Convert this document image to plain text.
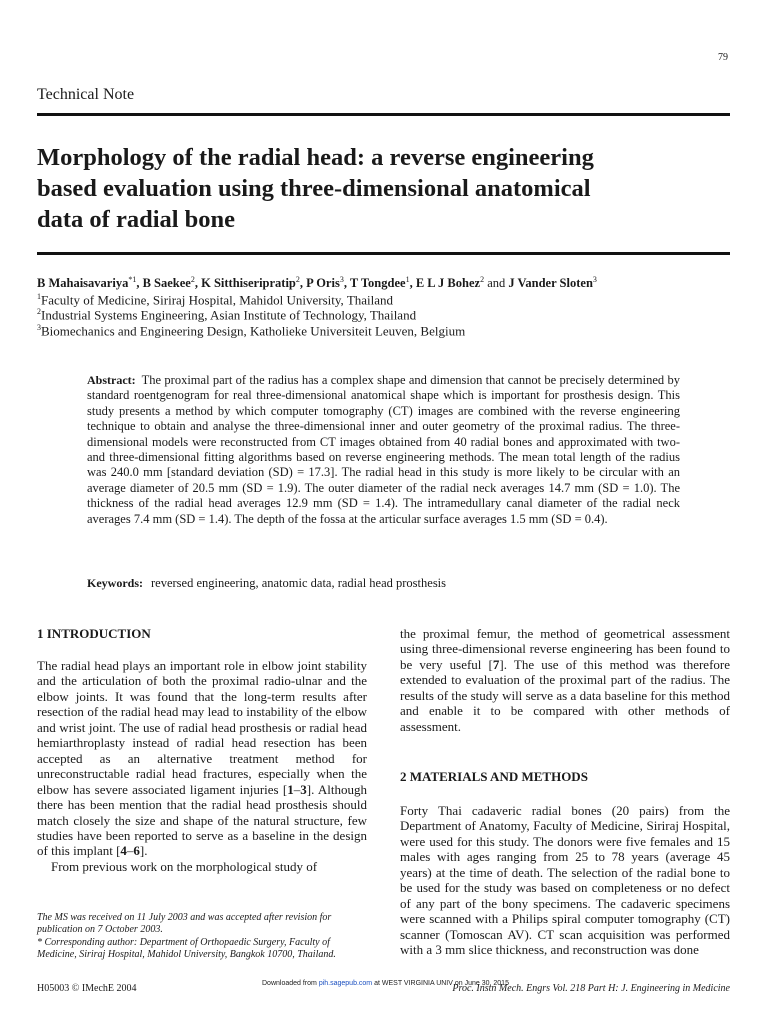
79
Technical Note
Morphology of the radial head: a reverse engineering
based evaluation using three-dimensional anatomical
data of radial bone
B Mahaisavariya$^{*1}$, B Saekee$^2$, K Sitthiseripratip$^2$, P Oris$^3$, T Tongdee$^1$, E L J Bohez$^2$ and J Vander Sloten$^3$
$^1$Faculty of Medicine, Siriraj Hospital, Mahidol University, Thailand
$^2$Industrial Systems Engineering, Asian Institute of Technology, Thailand
$^3$Biomechanics and Engineering Design, Katholieke Universiteit Leuven, Belgium
Abstract: The proximal part of the radius has a complex shape and dimension that cannot be precisely determined by standard roentgenogram for real three-dimensional anatomical shape which is important for prosthesis design. This study presents a method by which computer tomography (CT) images are combined with the reverse engineering technique to obtain and analyse the three-dimensional inner and outer geometry of the proximal radius. The three-dimensional models were reconstructed from CT images obtained from 40 radial bones and approximated with two- and three-dimensional fitting algorithms based on reverse engineering methods. The mean total length of the radius was 240.0 mm [standard deviation (SD) = 17.3]. The radial head in this study is more likely to be circular with an average diameter of 20.5 mm (SD = 1.9). The outer diameter of the radial neck averages 14.7 mm (SD = 1.0). The thickness of the radial head averages 12.9 mm (SD = 1.4). The intramedullary canal diameter of the radial neck averages 7.4 mm (SD = 1.4). The depth of the fossa at the articular surface averages 1.5 mm (SD = 0.4).
Keywords: reversed engineering, anatomic data, radial head prosthesis
1 INTRODUCTION

The radial head plays an important role in elbow joint stability and the articulation of both the proximal radio-ulnar and the elbow joints. It was found that the long-term results after resection of the radial head may lead to instability of the elbow and wrist joint. The use of radial head prosthesis or radial head hemiarthroplasty instead of radial head resection has been accepted as an alternative treatment method for unreconstructable radial head fractures, especially when the elbow has severe associated ligament injuries [1–3]. Although there has been mention that the radial head prosthesis should match closely the size and shape of the natural structure, few studies have been reported to serve as a baseline in the design of this implant [4–6].

From previous work on the morphological study of

The MS was received on 11 July 2003 and was accepted after revision for publication on 7 October 2003.
* Corresponding author: Department of Orthopaedic Surgery, Faculty of Medicine, Siriraj Hospital, Mahidol University, Bangkok 10700, Thailand.

the proximal femur, the method of geometrical assessment using three-dimensional reverse engineering has been found to be very useful [7]. The use of this method was therefore extended to evaluation of the proximal part of the radius. The results of the study will serve as a data baseline for this method and enable it to be compared with other methods of assessment.

2 MATERIALS AND METHODS

Forty Thai cadaveric radial bones (20 pairs) from the Department of Anatomy, Faculty of Medicine, Siriraj Hospital, were used for this study. The donors were five females and 15 males with ages ranging from 25 to 78 years (average 45 years) at the time of death. The selection of the radial bone to be used for the study was based on completeness or no defect of any part of the bony specimens. The cadaveric specimens were scanned with a Philips spiral computer tomography (CT) scanner (Tomoscan AV). CT scan acquisition was performed with a 3 mm slice thickness, and reconstruction was done

H05003 © IMechE 2004	Proc. Instn Mech. Engrs Vol. 218 Part H: J. Engineering in Medicine
Downloaded from pih.sagepub.com at WEST VIRGINIA UNIV on June 30, 2015
